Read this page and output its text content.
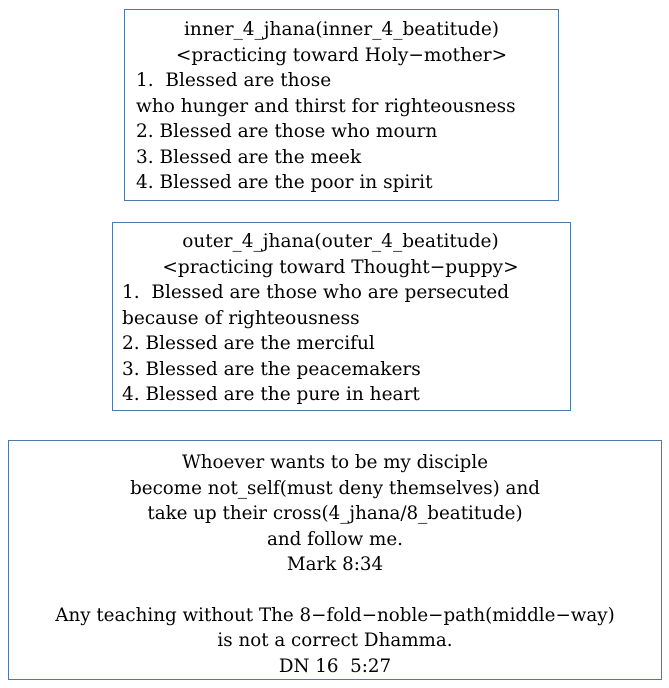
inner_4_jhana(inner_4_beatitude)
<practicing toward Holy−mother>
1.  Blessed are those
who hunger and thirst for righteousness
2. Blessed are those who mourn
3. Blessed are the meek
4. Blessed are the poor in spirit
outer_4_jhana(outer_4_beatitude)
<practicing toward Thought−puppy>
1.  Blessed are those who are persecuted
because of righteousness
2. Blessed are the merciful
3. Blessed are the peacemakers
4. Blessed are the pure in heart
Whoever wants to be my disciple
become not_self(must deny themselves) and
take up their cross(4_jhana/8_beatitude)
and follow me.
Mark 8:34
Any teaching without The 8−fold−noble−path(middle−way)
is not a correct Dhamma.
DN 16  5:27
